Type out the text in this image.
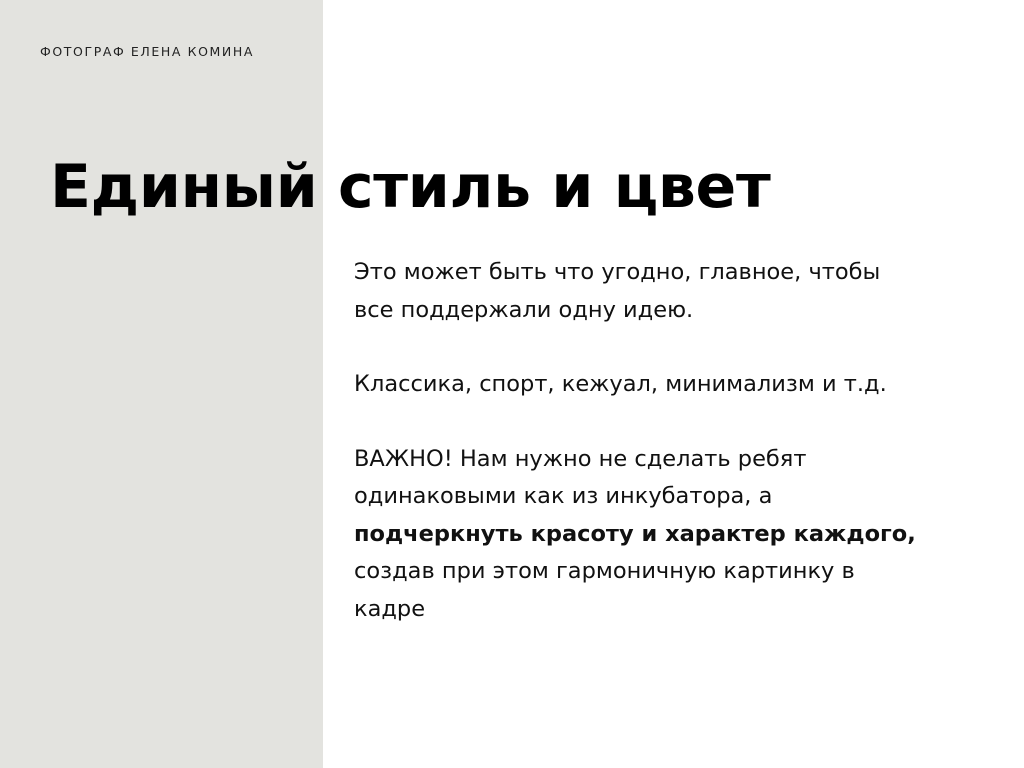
ФОТОГРАФ ЕЛЕНА КОМИНА
Единый стиль и цвет

Это может быть что угодно, главное, чтобы
все поддержали одну идею.

Классика, спорт, кежуал, минимализм и т.д.

ВАЖНО! Нам нужно не сделать ребят
одинаковыми как из инкубатора, а
подчеркнуть красоту и характер каждого,
создав при этом гармоничную картинку в
кадре
